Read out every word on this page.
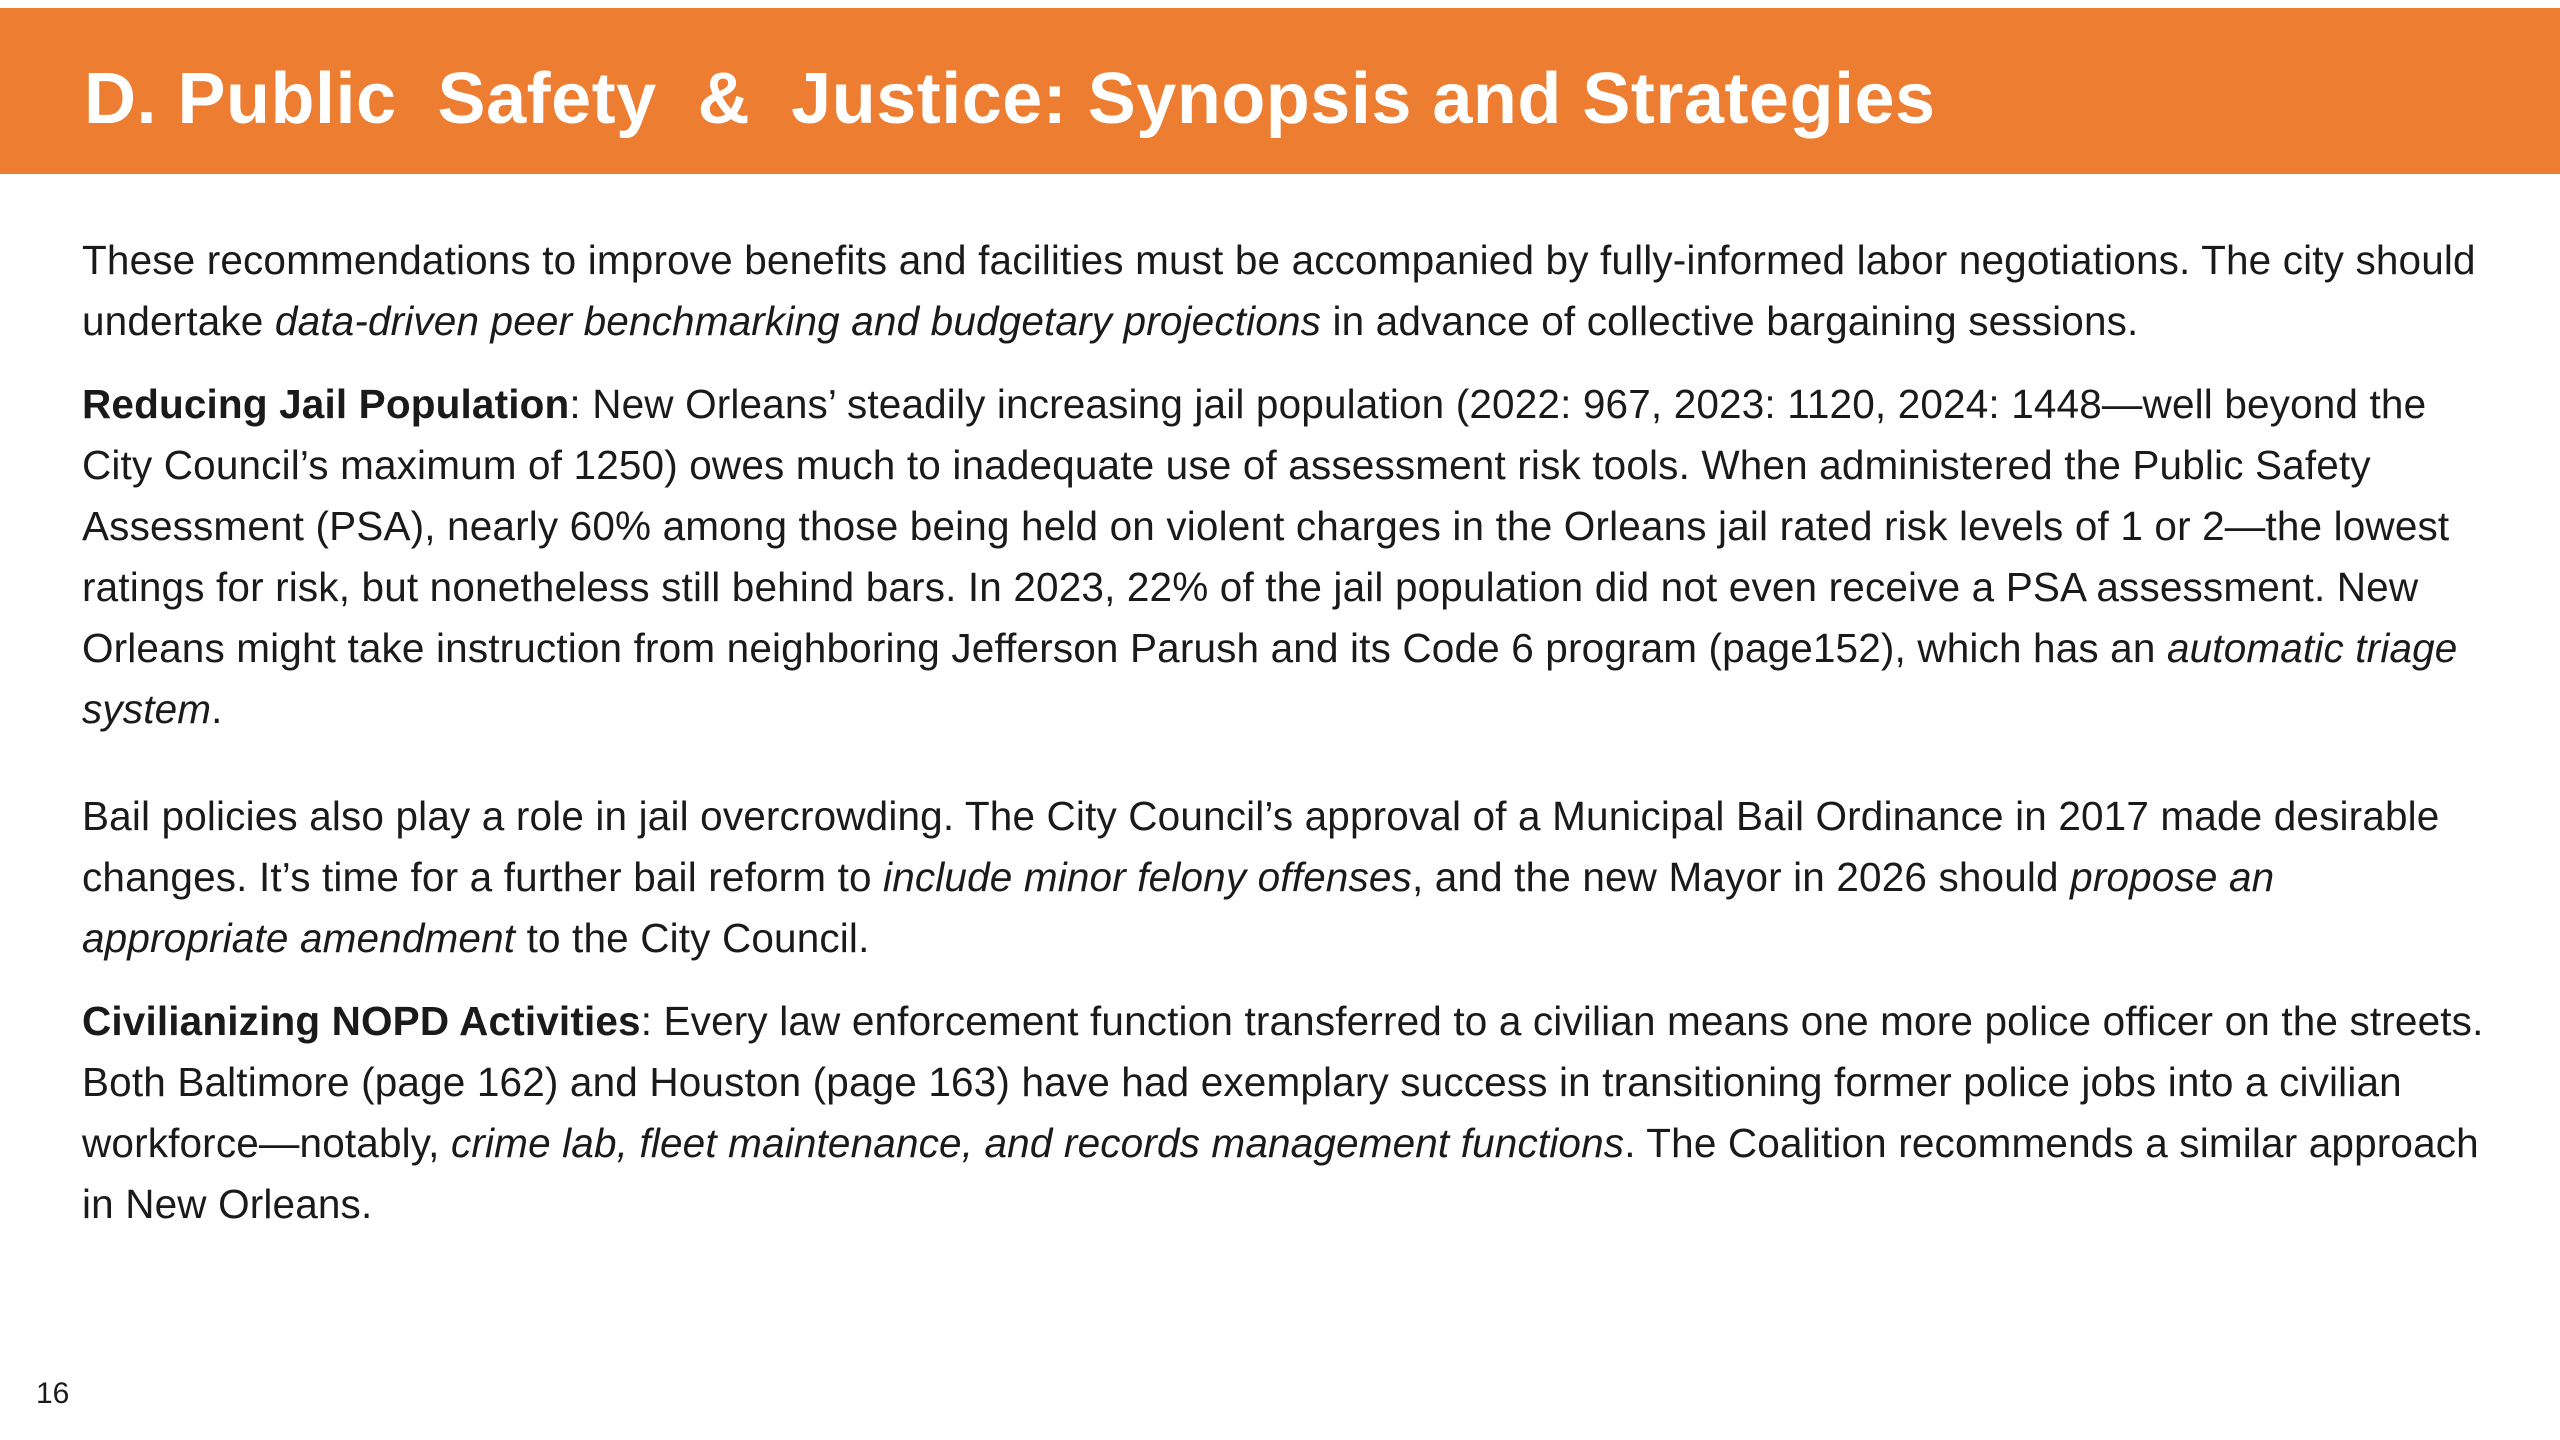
D. Public  Safety  &  Justice: Synopsis and Strategies

These recommendations to improve benefits and facilities must be accompanied by fully-informed labor negotiations. The city should undertake data-driven peer benchmarking and budgetary projections in advance of collective bargaining sessions.

Reducing Jail Population: New Orleans’ steadily increasing jail population (2022: 967, 2023: 1120, 2024: 1448—well beyond the City Council’s maximum of 1250) owes much to inadequate use of assessment risk tools. When administered the Public Safety Assessment (PSA), nearly 60% among those being held on violent charges in the Orleans jail rated risk levels of 1 or 2—the lowest ratings for risk, but nonetheless still behind bars. In 2023, 22% of the jail population did not even receive a PSA assessment. New Orleans might take instruction from neighboring Jefferson Parush and its Code 6 program (page152), which has an automatic triage system.

Bail policies also play a role in jail overcrowding. The City Council’s approval of a Municipal Bail Ordinance in 2017 made desirable changes. It’s time for a further bail reform to include minor felony offenses, and the new Mayor in 2026 should propose an appropriate amendment to the City Council.

Civilianizing NOPD Activities: Every law enforcement function transferred to a civilian means one more police officer on the streets. Both Baltimore (page 162) and Houston (page 163) have had exemplary success in transitioning former police jobs into a civilian workforce—notably, crime lab, fleet maintenance, and records management functions. The Coalition recommends a similar approach in New Orleans.

16
